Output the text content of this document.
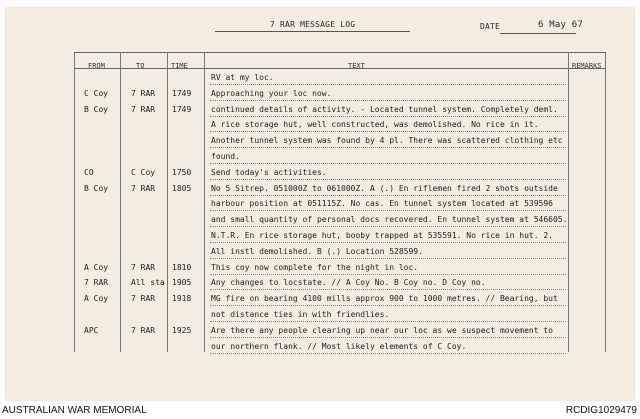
7 RAR MESSAGE LOG	DATE	6 May 67
FROM	TO	TIME	TEXT	REMARKS
RV at my loc.
C Coy	7 RAR 1749 Approaching your loc now.
B Coy	7 RAR 1749 continued details of activity. - Located tunnel system. Completely deml.
A rice storage hut, well constructed, was demolished. No rice in it.
Another tunnel system was found by 4 pl. There was scattered clothing etc
found.
CO	C Coy 1750 Send today's activities.
B Coy	7 RAR 1805 No 5 Sitrep. 051000Z to 061000Z. A (.) En riflemen fired 2 shots outside
harbour position at 051115Z. No cas. En tunnel system located at 539596
and small quantity of personal docs recovered. En tunnel system at 546605.
N.T.R. En rice storage hut, booby trapped at 535591. No rice in hut. 2.
All instl demolished. B (.) Location 528599.
A Coy	7 RAR 1810 This coy now complete for the night in loc.
7 RAR	All sta 1905 Any changes to locstate. // A Coy No. B Coy no. D Coy no.
A Coy	7 RAR 1918 MG fire on bearing 4100 mills approx 900 to 1000 metres. // Bearing, but
not distance ties in with friendlies.
APC	7 RAR 1925 Are there any people clearing up near our loc as we suspect movement to
our northern flank. // Most likely elements of C Coy.
AUSTRALIAN WAR MEMORIAL	RCDIG1029479
